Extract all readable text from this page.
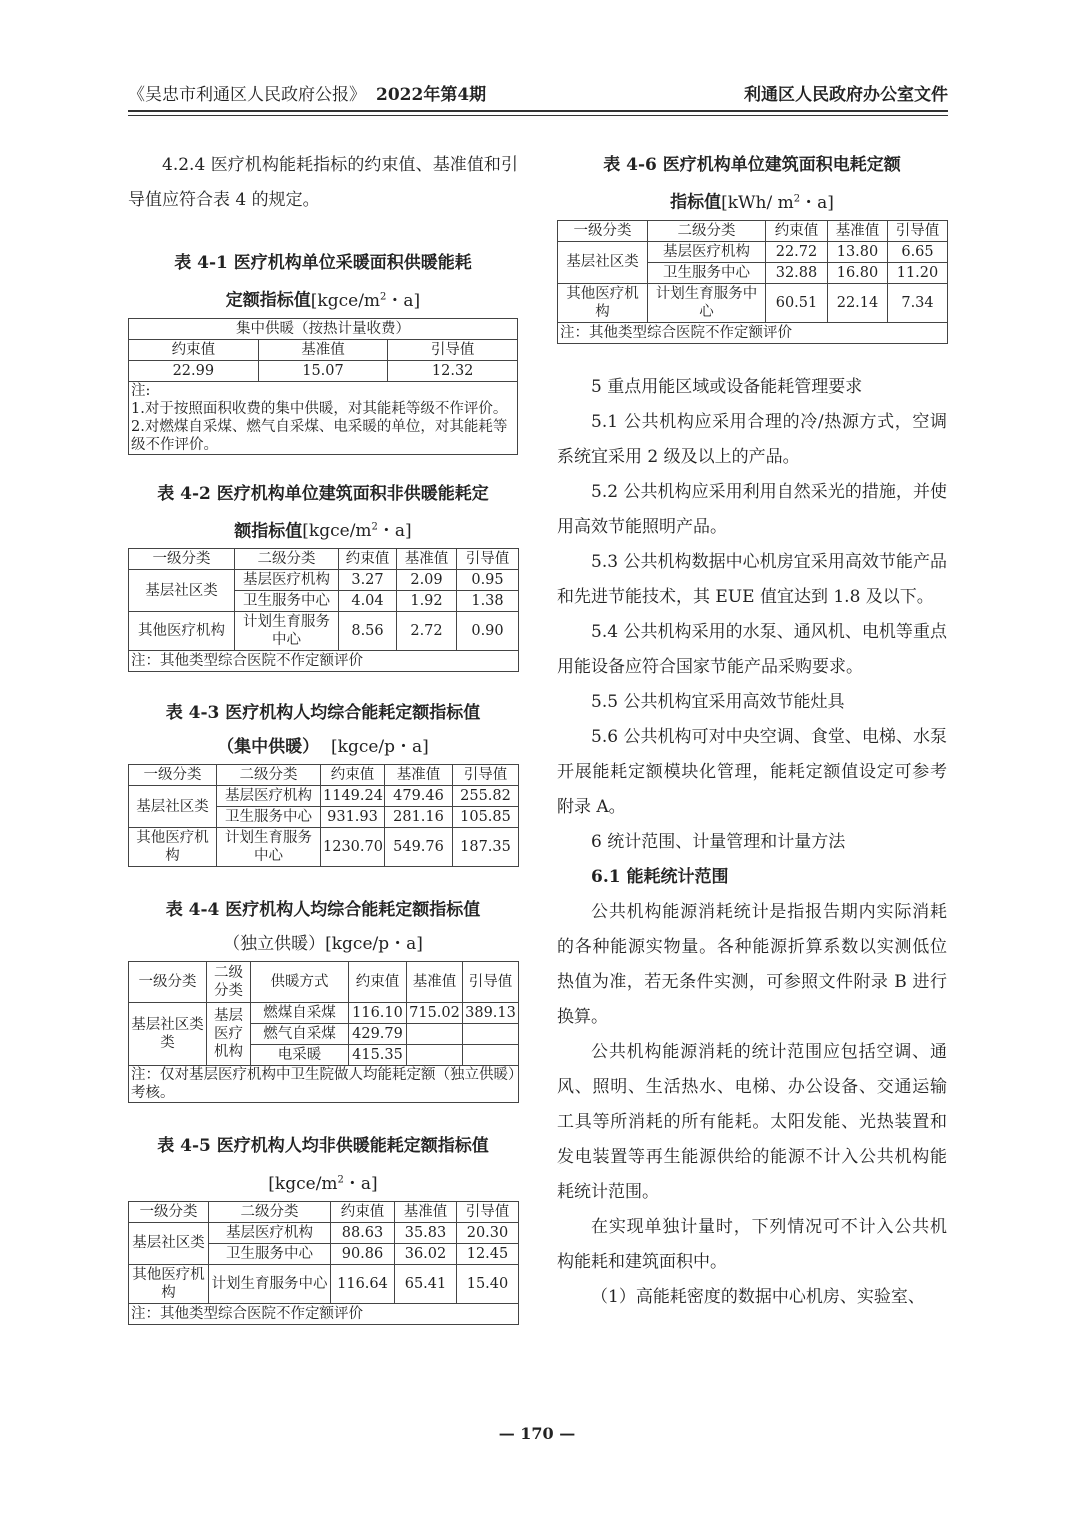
《吴忠市利通区人民政府公报》 2022年第4期	利通区人民政府办公室文件

4.2.4 医疗机构能耗指标的约束值、基准值和引导值应符合表 4 的规定。

表 4-1 医疗机构单位采暖面积供暖能耗
定额指标值[$kgce/m^2$・a]
集中供暖（按热计量收费）		
约束值	基准值	引导值
22.99	15.07	12.32

注:
1.对于按照面积收费的集中供暖，对其能耗等级不作评价。
2.对燃煤自采煤、燃气自采煤、电采暖的单位，对其能耗等级不作评价。		
表 4-2 医疗机构单位建筑面积非供暖能耗定
额指标值[$kgce/m^2$・a]
一级分类	二级分类	约束值	基准值	引导值
基层社区类	基层医疗机构	3.27	2.09	0.95
	卫生服务中心	4.04	1.92	1.38
其他医疗机构	计划生育服务中心	8.56	2.72	0.90
注：其他类型综合医院不作定额评价				
表 4-3 医疗机构人均综合能耗定额指标值
（集中供暖） [kgce/p・a]
一级分类	二级分类	约束值	基准值	引导值
基层社区类	基层医疗机构	1149.24	479.46	255.82
	卫生服务中心	931.93	281.16	105.85
其他医疗机构	计划生育服务中心	1230.70	549.76	187.35
表 4-4 医疗机构人均综合能耗定额指标值
（独立供暖）[kgce/p・a]
一级分类	二级分类	供暖方式	约束值	基准值	引导值
基层社区类类	基层医疗机构	燃煤自采煤	116.10	715.02	389.13
		燃气自采煤	429.79		
		电采暖	415.35		
注：仅对基层医疗机构中卫生院做人均能耗定额（独立供暖）考核。					
表 4-5 医疗机构人均非供暖能耗定额指标值
[$kgce/m^2$・a]
一级分类	二级分类	约束值	基准值	引导值
基层社区类	基层医疗机构	88.63	35.83	20.30
	卫生服务中心	90.86	36.02	12.45
其他医疗机构	计划生育服务中心	116.64	65.41	15.40
注：其他类型综合医院不作定额评价				
表 4-6 医疗机构单位建筑面积电耗定额
指标值[kWh/ $m^2$・a]
一级分类	二级分类	约束值	基准值	引导值
基层社区类	基层医疗机构	22.72	13.80	6.65
	卫生服务中心	32.88	16.80	11.20
其他医疗机构	计划生育服务中心	60.51	22.14	7.34
注：其他类型综合医院不作定额评价				
5 重点用能区域或设备能耗管理要求

5.1 公共机构应采用合理的冷/热源方式，空调系统宜采用 2 级及以上的产品。

5.2 公共机构应采用利用自然采光的措施，并使用高效节能照明产品。

5.3 公共机构数据中心机房宜采用高效节能产品和先进节能技术，其 EUE 值宜达到 1.8 及以下。

5.4 公共机构采用的水泵、通风机、电机等重点用能设备应符合国家节能产品采购要求。

5.5 公共机构宜采用高效节能灶具

5.6 公共机构可对中央空调、食堂、电梯、水泵开展能耗定额模块化管理，能耗定额值设定可参考附录 A。

6 统计范围、计量管理和计量方法
6.1 能耗统计范围

公共机构能源消耗统计是指报告期内实际消耗的各种能源实物量。各种能源折算系数以实测低位热值为准，若无条件实测，可参照文件附录 B 进行换算。

公共机构能源消耗的统计范围应包括空调、通风、照明、生活热水、电梯、办公设备、交通运输工具等所消耗的所有能耗。太阳发能、光热装置和发电装置等再生能源供给的能源不计入公共机构能耗统计范围。

在实现单独计量时，下列情况可不计入公共机构能耗和建筑面积中。

（1）高能耗密度的数据中心机房、实验室、

— 170 —
